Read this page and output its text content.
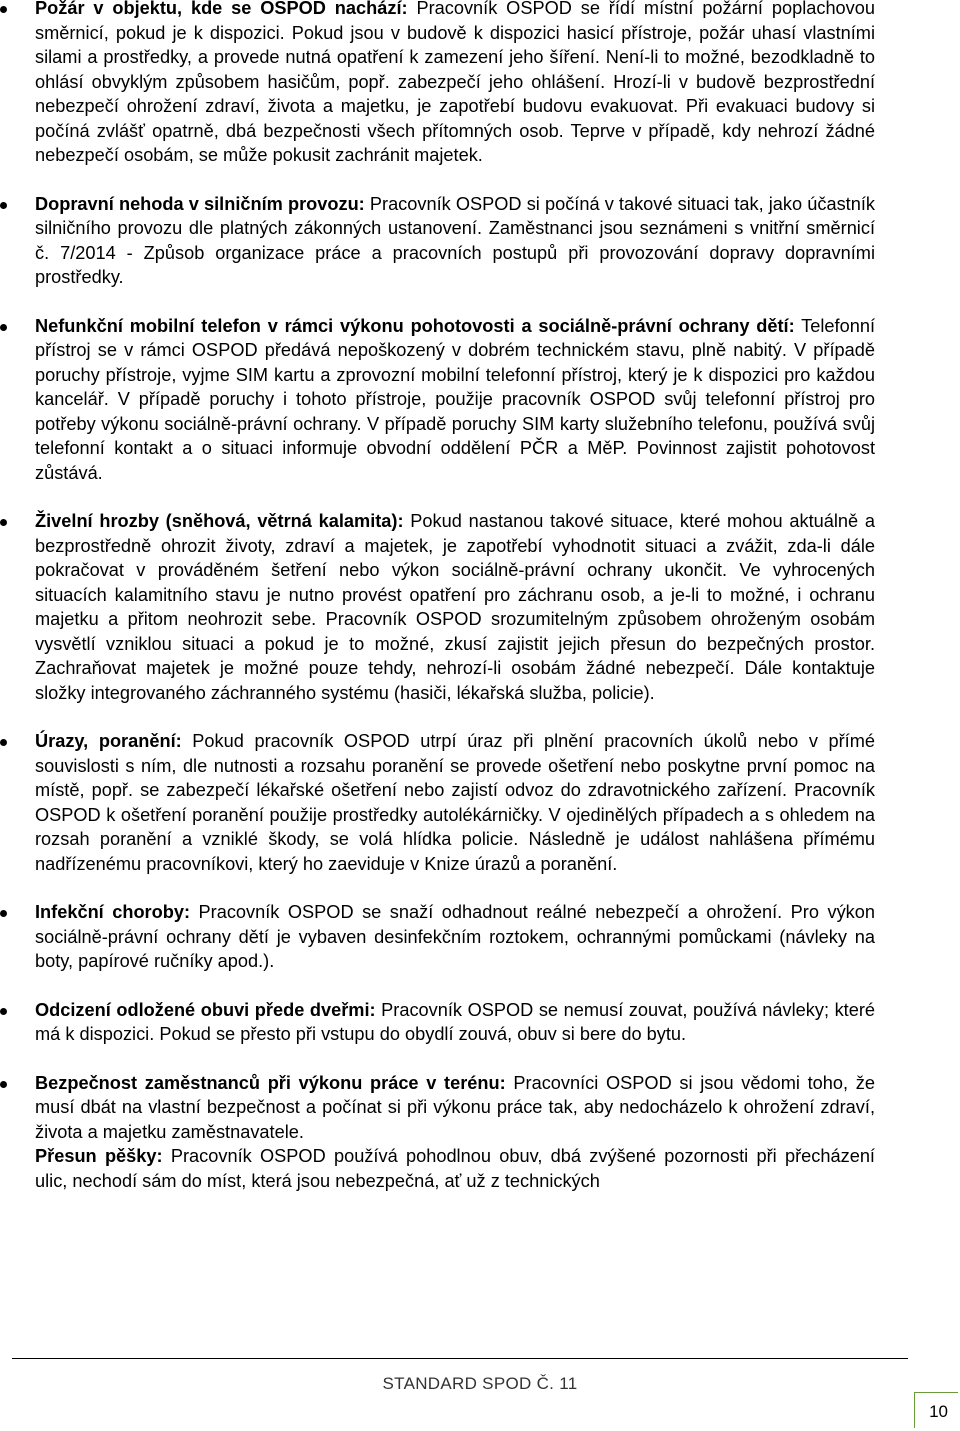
Požár v objektu, kde se OSPOD nachází: Pracovník OSPOD se řídí místní požární poplachovou směrnicí, pokud je k dispozici. Pokud jsou v budově k dispozici hasicí přístroje, požár uhasí vlastními silami a prostředky, a provede nutná opatření k zamezení jeho šíření. Není-li to možné, bezodkladně to ohlásí obvyklým způsobem hasičům, popř. zabezpečí jeho ohlášení. Hrozí-li v budově bezprostřední nebezpečí ohrožení zdraví, života a majetku, je zapotřebí budovu evakuovat. Při evakuaci budovy si počíná zvlášť opatrně, dbá bezpečnosti všech přítomných osob. Teprve v případě, kdy nehrozí žádné nebezpečí osobám, se může pokusit zachránit majetek.

Dopravní nehoda v silničním provozu: Pracovník OSPOD si počíná v takové situaci tak, jako účastník silničního provozu dle platných zákonných ustanovení. Zaměstnanci jsou seznámeni s vnitřní směrnicí č. 7/2014 - Způsob organizace práce a pracovních postupů při provozování dopravy dopravními prostředky.

Nefunkční mobilní telefon v rámci výkonu pohotovosti a sociálně-právní ochrany dětí: Telefonní přístroj se v rámci OSPOD předává nepoškozený v dobrém technickém stavu, plně nabitý. V případě poruchy přístroje, vyjme SIM kartu a zprovozní mobilní telefonní přístroj, který je k dispozici pro každou kancelář. V případě poruchy i tohoto přístroje, použije pracovník OSPOD svůj telefonní přístroj pro potřeby výkonu sociálně-právní ochrany. V případě poruchy SIM karty služebního telefonu, používá svůj telefonní kontakt a o situaci informuje obvodní oddělení PČR a MěP. Povinnost zajistit pohotovost zůstává.

Živelní hrozby (sněhová, větrná kalamita): Pokud nastanou takové situace, které mohou aktuálně a bezprostředně ohrozit životy, zdraví a majetek, je zapotřebí vyhodnotit situaci a zvážit, zda-li dále pokračovat v prováděném šetření nebo výkon sociálně-právní ochrany ukončit. Ve vyhrocených situacích kalamitního stavu je nutno provést opatření pro záchranu osob, a je-li to možné, i ochranu majetku a přitom neohrozit sebe. Pracovník OSPOD srozumitelným způsobem ohroženým osobám vysvětlí vzniklou situaci a pokud je to možné, zkusí zajistit jejich přesun do bezpečných prostor. Zachraňovat majetek je možné pouze tehdy, nehrozí-li osobám žádné nebezpečí. Dále kontaktuje složky integrovaného záchranného systému (hasiči, lékařská služba, policie).

Úrazy, poranění: Pokud pracovník OSPOD utrpí úraz při plnění pracovních úkolů nebo v přímé souvislosti s ním, dle nutnosti a rozsahu poranění se provede ošetření nebo poskytne první pomoc na místě, popř. se zabezpečí lékařské ošetření nebo zajistí odvoz do zdravotnického zařízení. Pracovník OSPOD k ošetření poranění použije prostředky autolékárničky. V ojedinělých případech a s ohledem na rozsah poranění a vzniklé škody, se volá hlídka policie. Následně je událost nahlášena přímému nadřízenému pracovníkovi, který ho zaeviduje v Knize úrazů a poranění.

Infekční choroby: Pracovník OSPOD se snaží odhadnout reálné nebezpečí a ohrožení. Pro výkon sociálně-právní ochrany dětí je vybaven desinfekčním roztokem, ochrannými pomůckami (návleky na boty, papírové ručníky apod.).

Odcizení odložené obuvi přede dveřmi: Pracovník OSPOD se nemusí zouvat, používá návleky; které má k dispozici. Pokud se přesto při vstupu do obydlí zouvá, obuv si bere do bytu.

Bezpečnost zaměstnanců při výkonu práce v terénu: Pracovníci OSPOD si jsou vědomi toho, že musí dbát na vlastní bezpečnost a počínat si při výkonu práce tak, aby nedocházelo k ohrožení zdraví, života a majetku zaměstnavatele.

Přesun pěšky: Pracovník OSPOD používá pohodlnou obuv, dbá zvýšené pozornosti při přecházení ulic, nechodí sám do míst, která jsou nebezpečná, ať už z technických

STANDARD SPOD Č. 11
10
